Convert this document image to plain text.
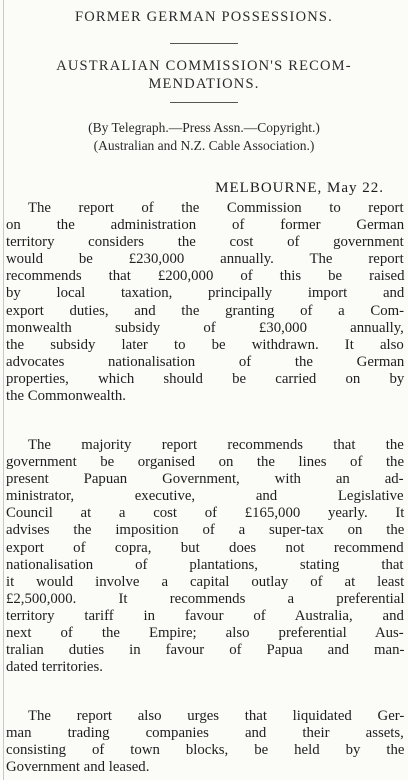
FORMER GERMAN POSSESSIONS.
AUSTRALIAN COMMISSION'S RECOM-
MENDATIONS.
(By Telegraph.—Press Assn.—Copyright.)
(Australian and N.Z. Cable Association.)
MELBOURNE, May 22.
The report of the Commission to report
on the administration of former German
territory considers the cost of government
would be £230,000 annually. The report
recommends that £200,000 of this be raised
by local taxation, principally import and
export duties, and the granting of a Com-
monwealth subsidy of £30,000 annually,
the subsidy later to be withdrawn. It also
advocates nationalisation of the German
properties, which should be carried on by
the Commonwealth.
The majority report recommends that the
government be organised on the lines of the
present Papuan Government, with an ad-
ministrator, executive, and Legislative
Council at a cost of £165,000 yearly. It
advises the imposition of a super-tax on the
export of copra, but does not recommend
nationalisation of plantations, stating that
it would involve a capital outlay of at least
£2,500,000. It recommends a preferential
territory tariff in favour of Australia, and
next of the Empire; also preferential Aus-
tralian duties in favour of Papua and man-
dated territories.
The report also urges that liquidated Ger-
man trading companies and their assets,
consisting of town blocks, be held by the
Government and leased.
